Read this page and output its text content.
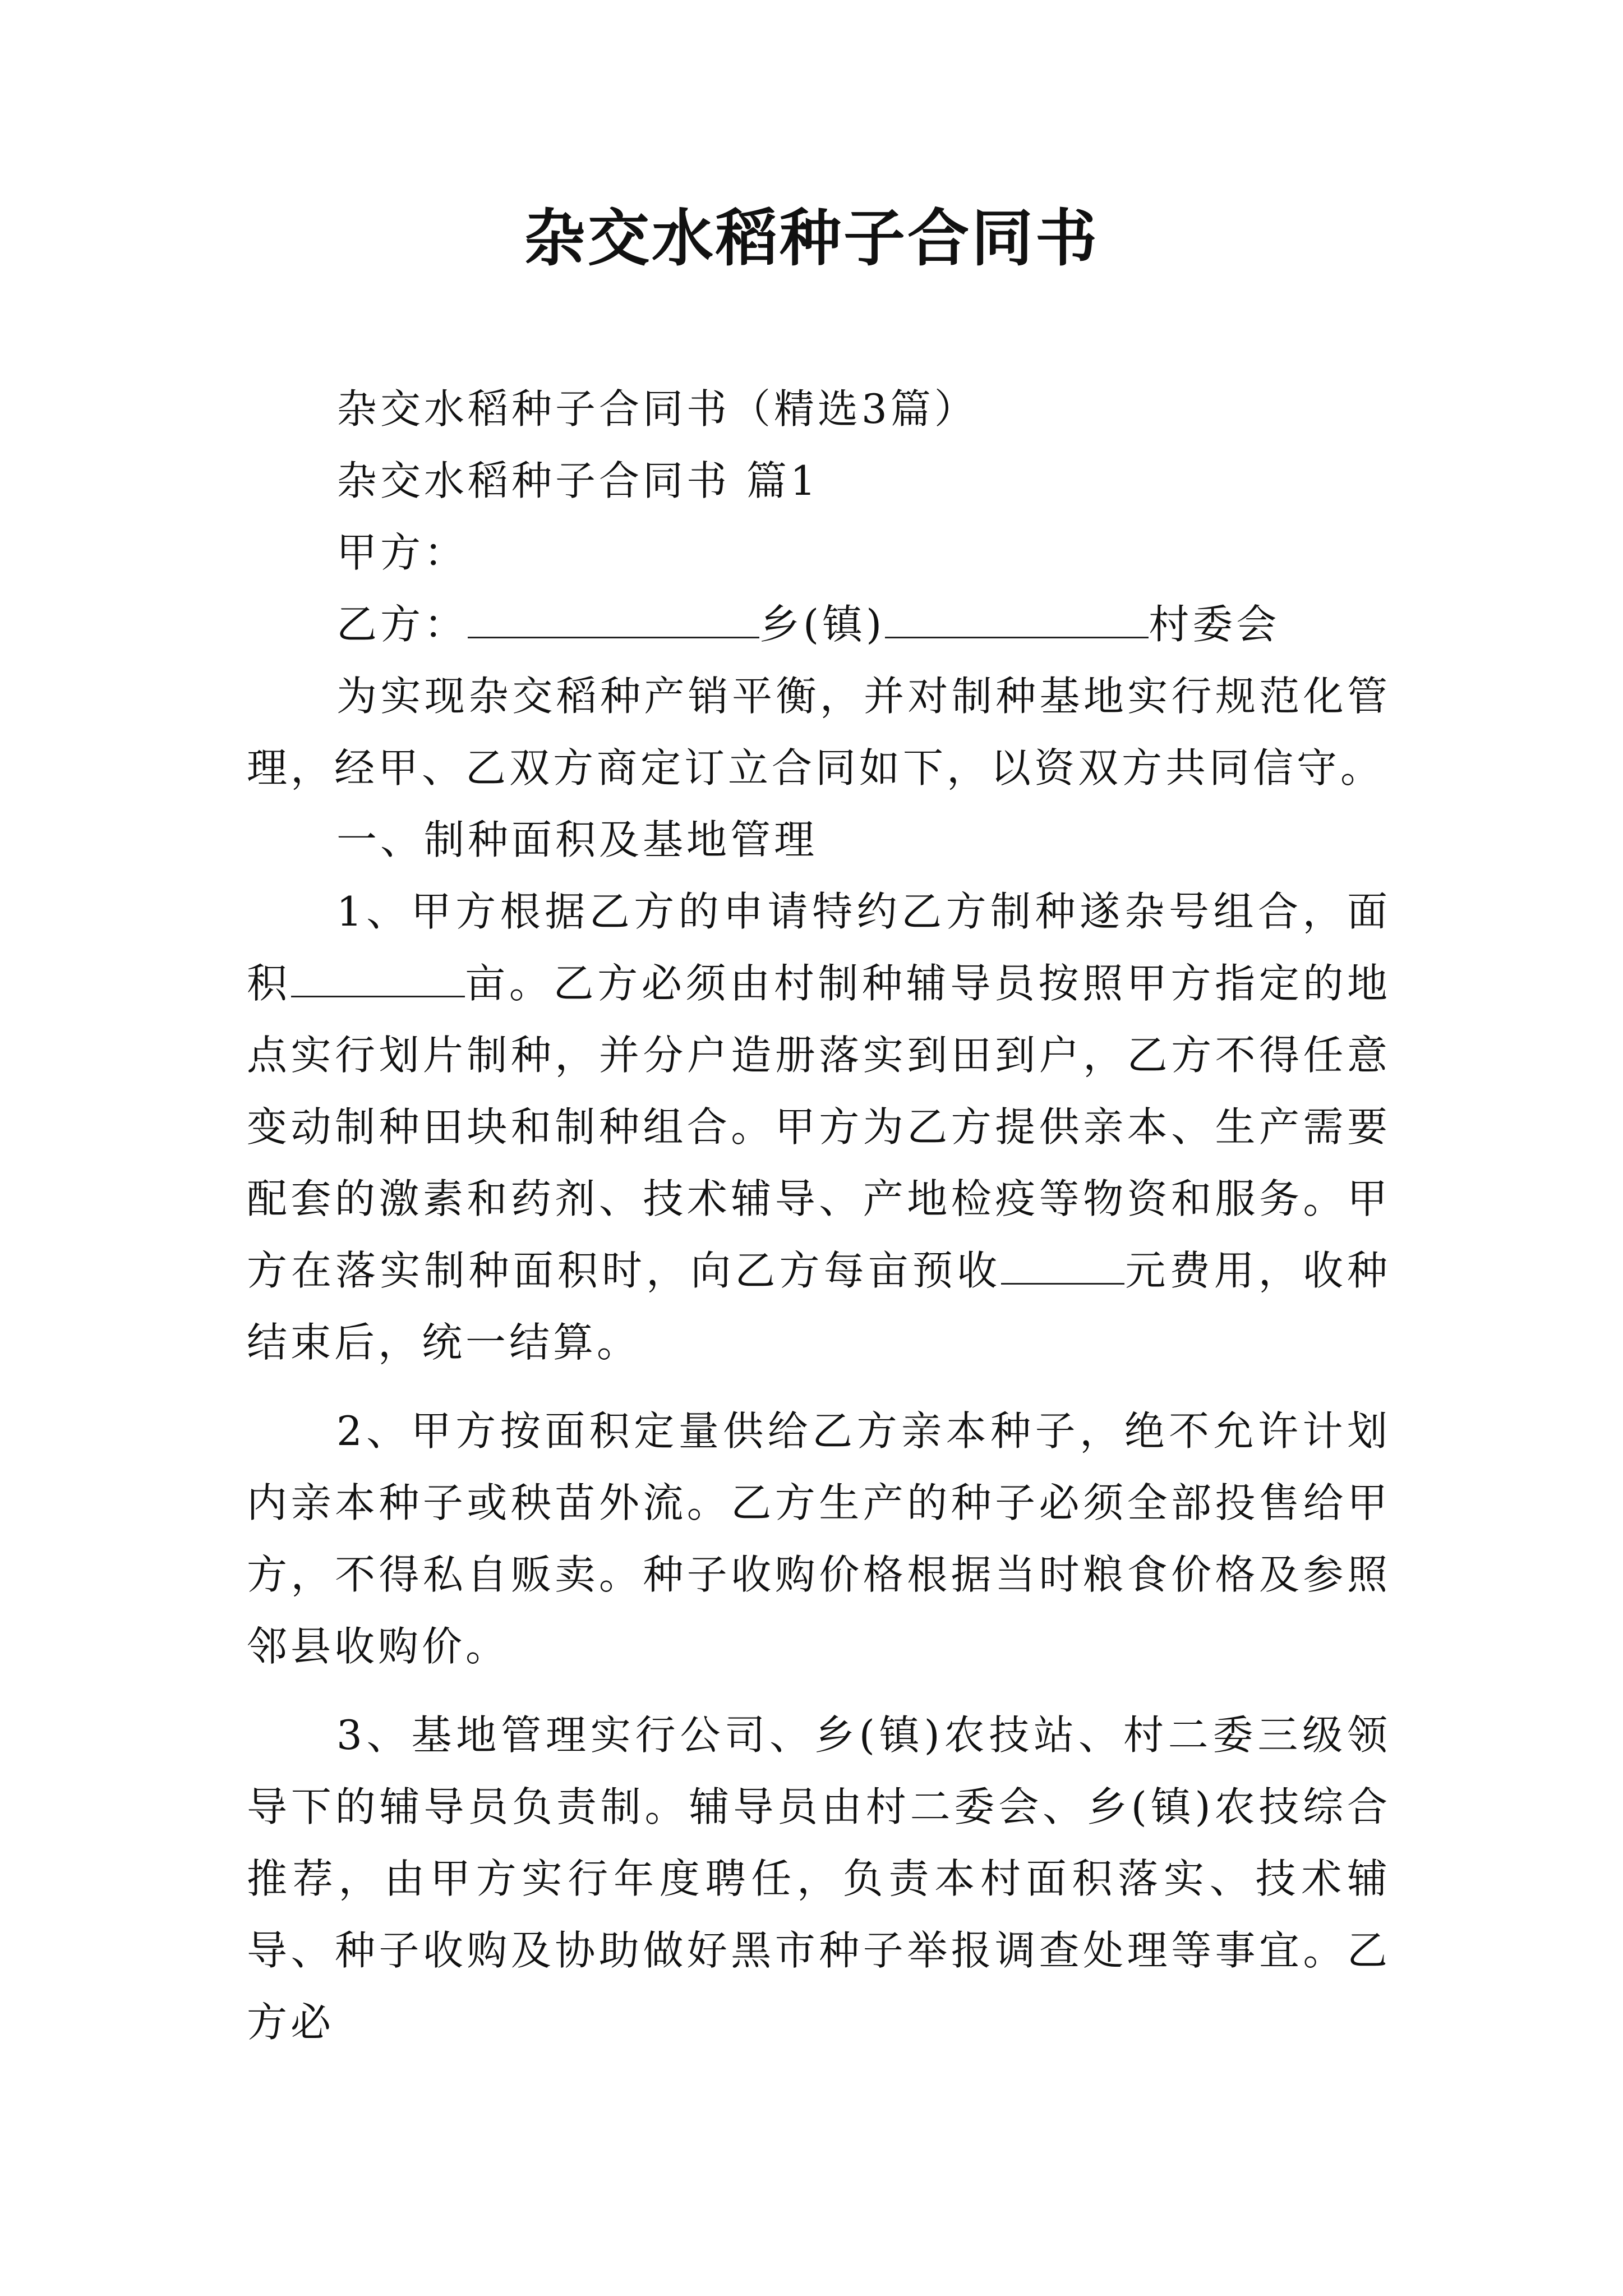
杂交水稻种子合同书

杂交水稻种子合同书（精选3篇）

杂交水稻种子合同书 篇1

甲方：

乙方：	乡(镇)	村委会

为实现杂交稻种产销平衡，并对制种基地实行规范化管理，经甲、乙双方商定订立合同如下，以资双方共同信守。

一、制种面积及基地管理

1、甲方根据乙方的申请特约乙方制种遂杂号组合，面积	亩。乙方必须由村制种辅导员按照甲方指定的地点实行划片制种，并分户造册落实到田到户，乙方不得任意变动制种田块和制种组合。甲方为乙方提供亲本、生产需要配套的激素和药剂、技术辅导、产地检疫等物资和服务。甲方在落实制种面积时，向乙方每亩预收	元费用，收种结束后，统一结算。

2、甲方按面积定量供给乙方亲本种子，绝不允许计划内亲本种子或秧苗外流。乙方生产的种子必须全部投售给甲方，不得私自贩卖。种子收购价格根据当时粮食价格及参照邻县收购价。

3、基地管理实行公司、乡(镇)农技站、村二委三级领导下的辅导员负责制。辅导员由村二委会、乡(镇)农技综合推荐，由甲方实行年度聘任，负责本村面积落实、技术辅导、种子收购及协助做好黑市种子举报调查处理等事宜。乙方必
